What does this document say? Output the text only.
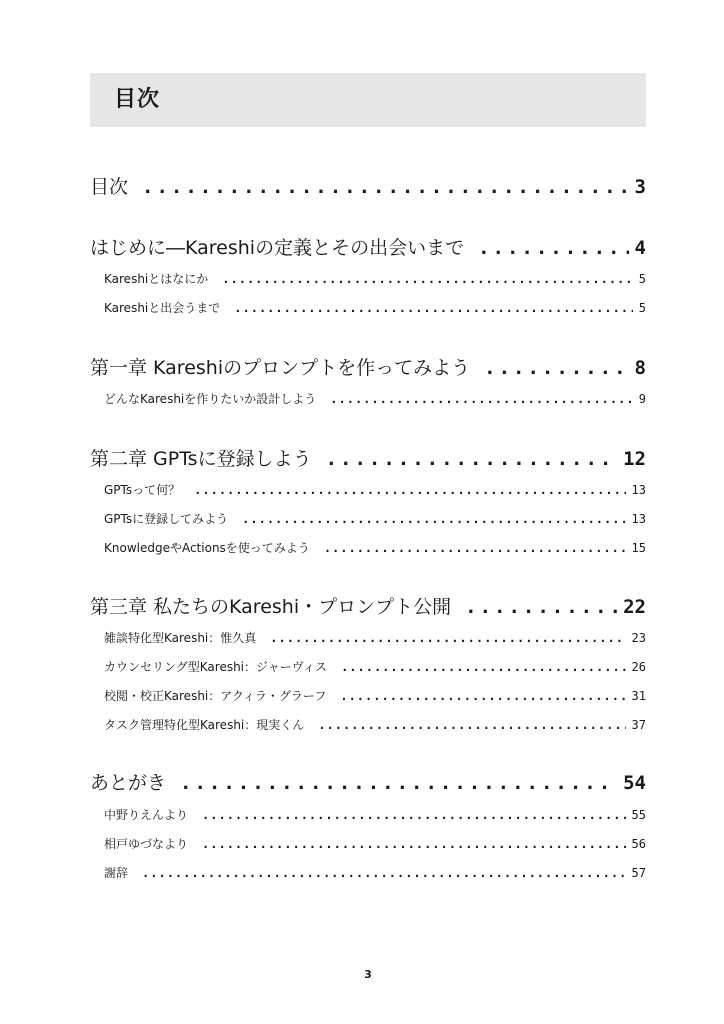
目次
目次 .....	3
はじめに―Kareshiの定義とその出会いまで .....	4
Kareshiとはなにか .....	5
Kareshiと出会うまで .....	5
第一章 Kareshiのプロンプトを作ってみよう .....	8
どんなKareshiを作りたいか設計しよう .....	9
第二章 GPTsに登録しよう .....	12
GPTsって何？ .....	13
GPTsに登録してみよう .....	13
KnowledgeやActionsを使ってみよう .....	15
第三章 私たちのKareshi・プロンプト公開 .....	22
雑談特化型Kareshi：惟久真 .....	23
カウンセリング型Kareshi：ジャーヴィス .....	26
校閲・校正Kareshi：アクィラ・グラーフ .....	31
タスク管理特化型Kareshi：現実くん .....	37
あとがき .....	54
中野りえんより .....	55
相戸ゆづなより .....	56
謝辞 .....	57
3
